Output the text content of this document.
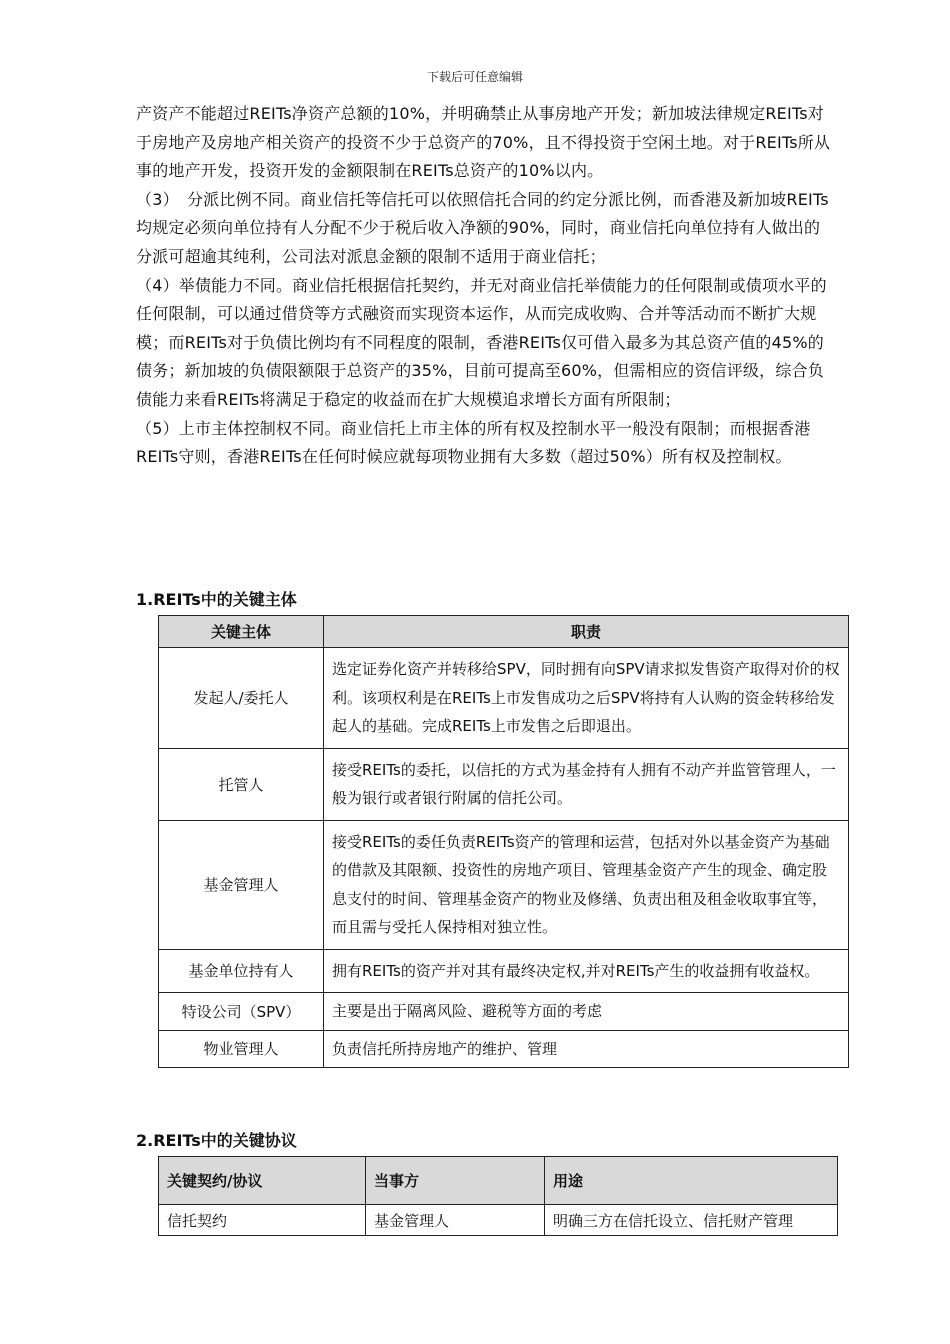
下载后可任意编辑

产资产不能超过REITs净资产总额的10%，并明确禁止从事房地产开发；新加坡法律规定REITs对于房地产及房地产相关资产的投资不少于总资产的70%，且不得投资于空闲土地。对于REITs所从事的地产开发，投资开发的金额限制在REITs总资产的10%以内。

（3）　分派比例不同。商业信托等信托可以依照信托合同的约定分派比例，而香港及新加坡REITs均规定必须向单位持有人分配不少于税后收入净额的90%，同时，商业信托向单位持有人做出的分派可超逾其纯利，公司法对派息金额的限制不适用于商业信托；

（4）举债能力不同。商业信托根据信托契约，并无对商业信托举债能力的任何限制或债项水平的任何限制，可以通过借贷等方式融资而实现资本运作，从而完成收购、合并等活动而不断扩大规模；而REITs对于负债比例均有不同程度的限制，香港REITs仅可借入最多为其总资产值的45%的债务；新加坡的负债限额限于总资产的35%，目前可提高至60%，但需相应的资信评级，综合负债能力来看REITs将满足于稳定的收益而在扩大规模追求增长方面有所限制；

（5）上市主体控制权不同。商业信托上市主体的所有权及控制水平一般没有限制；而根据香港REITs守则，香港REITs在任何时候应就每项物业拥有大多数（超过50%）所有权及控制权。

1.REITs中的关键主体
关键主体	职责
发起人/委托人	选定证券化资产并转移给SPV，同时拥有向SPV请求拟发售资产取得对价的权利。该项权利是在REITs上市发售成功之后SPV将持有人认购的资金转移给发起人的基础。完成REITs上市发售之后即退出。
托管人	接受REITs的委托，以信托的方式为基金持有人拥有不动产并监管管理人，一般为银行或者银行附属的信托公司。
基金管理人	接受REITs的委任负责REITs资产的管理和运营，包括对外以基金资产为基础的借款及其限额、投资性的房地产项目、管理基金资产产生的现金、确定股息支付的时间、管理基金资产的物业及修缮、负责出租及租金收取事宜等，而且需与受托人保持相对独立性。
基金单位持有人	拥有REITs的资产并对其有最终决定权,并对REITs产生的收益拥有收益权。
特设公司（SPV）	主要是出于隔离风险、避税等方面的考虑
物业管理人	负责信托所持房地产的维护、管理
2.REITs中的关键协议
关键契约/协议	当事方	用途
信托契约	基金管理人	明确三方在信托设立、信托财产管理
